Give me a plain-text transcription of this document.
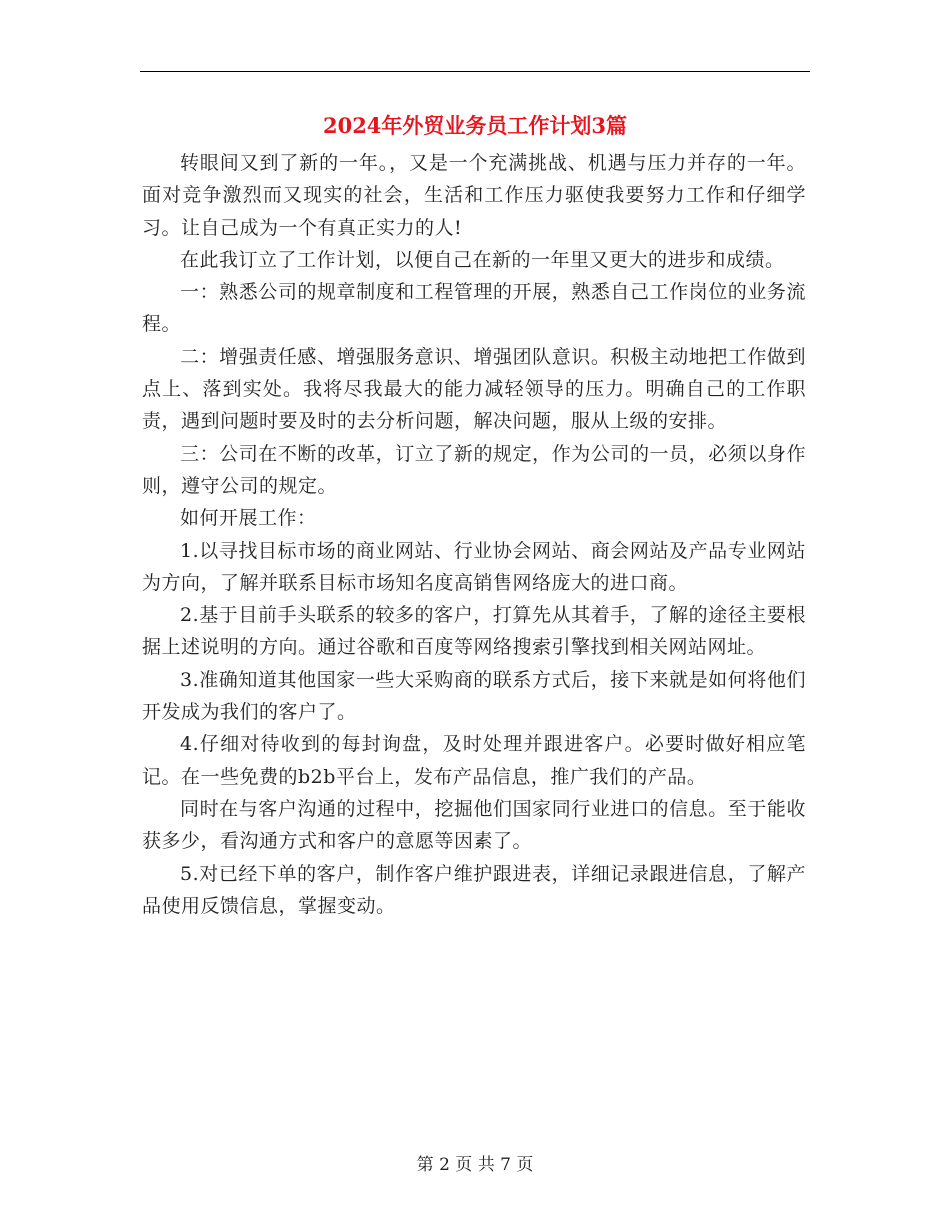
2024年外贸业务员工作计划3篇

转眼间又到了新的一年。，又是一个充满挑战、机遇与压力并存的一年。面对竞争激烈而又现实的社会，生活和工作压力驱使我要努力工作和仔细学习。让自己成为一个有真正实力的人!

在此我订立了工作计划，以便自己在新的一年里又更大的进步和成绩。

一：熟悉公司的规章制度和工程管理的开展，熟悉自己工作岗位的业务流程。

二：增强责任感、增强服务意识、增强团队意识。积极主动地把工作做到点上、落到实处。我将尽我最大的能力减轻领导的压力。明确自己的工作职责，遇到问题时要及时的去分析问题，解决问题，服从上级的安排。

三：公司在不断的改革，订立了新的规定，作为公司的一员，必须以身作则，遵守公司的规定。

如何开展工作：

1.以寻找目标市场的商业网站、行业协会网站、商会网站及产品专业网站为方向，了解并联系目标市场知名度高销售网络庞大的进口商。

2.基于目前手头联系的较多的客户，打算先从其着手，了解的途径主要根据上述说明的方向。通过谷歌和百度等网络搜索引擎找到相关网站网址。

3.准确知道其他国家一些大采购商的联系方式后，接下来就是如何将他们开发成为我们的客户了。

4.仔细对待收到的每封询盘，及时处理并跟进客户。必要时做好相应笔记。在一些免费的b2b平台上，发布产品信息，推广我们的产品。

同时在与客户沟通的过程中，挖掘他们国家同行业进口的信息。至于能收获多少，看沟通方式和客户的意愿等因素了。

5.对已经下单的客户，制作客户维护跟进表，详细记录跟进信息，了解产品使用反馈信息，掌握变动。

第 2 页 共 7 页
